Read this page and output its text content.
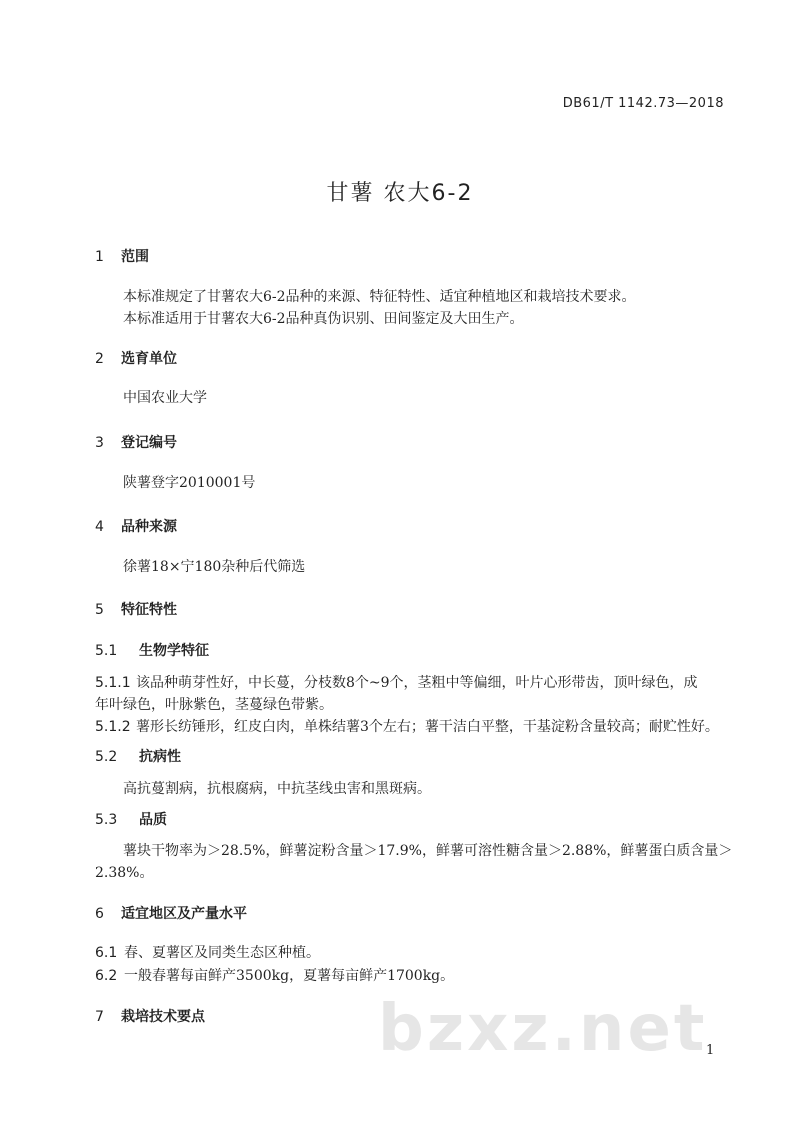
DB61/T 1142.73—2018
甘薯 农大6-2
1 范围
本标准规定了甘薯农大6-2品种的来源、特征特性、适宜种植地区和栽培技术要求。
本标准适用于甘薯农大6-2品种真伪识别、田间鉴定及大田生产。
2 选育单位
中国农业大学
3 登记编号
陕薯登字2010001号
4 品种来源
徐薯18×宁180杂种后代筛选
5 特征特性
5.1 生物学特征
5.1.1 该品种萌芽性好，中长蔓，分枝数8个~9个，茎粗中等偏细，叶片心形带齿，顶叶绿色，成
年叶绿色，叶脉紫色，茎蔓绿色带紫。
5.1.2 薯形长纺锤形，红皮白肉，单株结薯3个左右；薯干洁白平整，干基淀粉含量较高；耐贮性好。
5.2 抗病性
高抗蔓割病，抗根腐病，中抗茎线虫害和黑斑病。
5.3 品质
薯块干物率为＞28.5%，鲜薯淀粉含量＞17.9%，鲜薯可溶性糖含量＞2.88%，鲜薯蛋白质含量＞
2.38%。
6 适宜地区及产量水平
6.1 春、夏薯区及同类生态区种植。
6.2 一般春薯每亩鲜产3500kg，夏薯每亩鲜产1700kg。
7 栽培技术要点	bzxz.net
1
